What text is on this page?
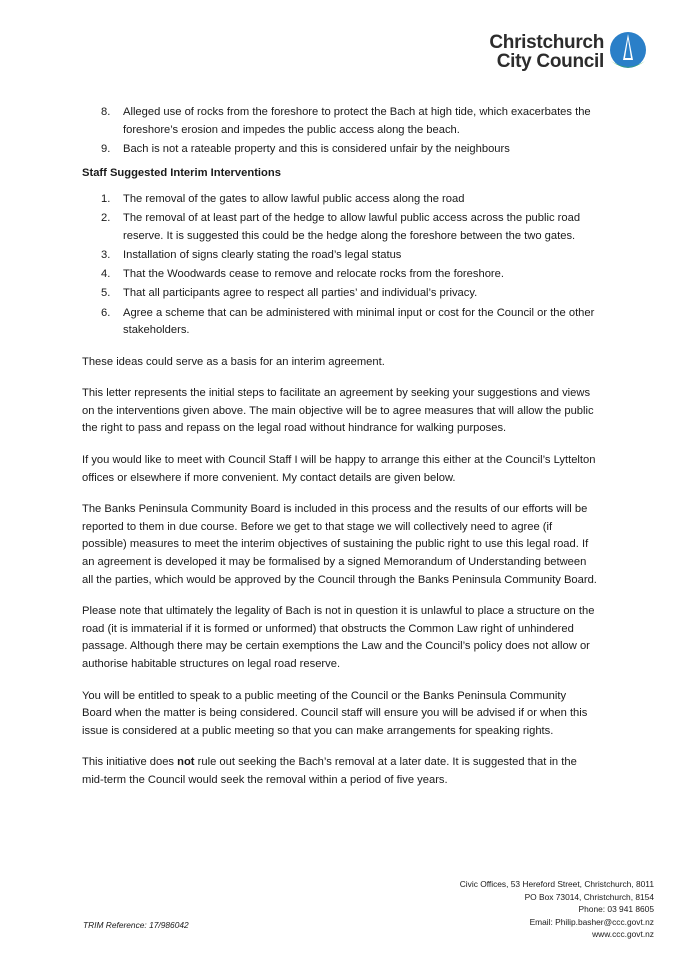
Christchurch
City Council
8. Alleged use of rocks from the foreshore to protect the Bach at high tide, which exacerbates the foreshore’s erosion and impedes the public access along the beach.
9. Bach is not a rateable property and this is considered unfair by the neighbours
Staff Suggested Interim Interventions
1. The removal of the gates to allow lawful public access along the road
2. The removal of at least part of the hedge to allow lawful public access across the public road reserve. It is suggested this could be the hedge along the foreshore between the two gates.
3. Installation of signs clearly stating the road’s legal status
4. That the Woodwards cease to remove and relocate rocks from the foreshore.
5. That all participants agree to respect all parties’ and individual’s privacy.
6. Agree a scheme that can be administered with minimal input or cost for the Council or the other stakeholders.

These ideas could serve as a basis for an interim agreement.

This letter represents the initial steps to facilitate an agreement by seeking your suggestions and views on the interventions given above. The main objective will be to agree measures that will allow the public the right to pass and repass on the legal road without hindrance for walking purposes.

If you would like to meet with Council Staff I will be happy to arrange this either at the Council’s Lyttelton offices or elsewhere if more convenient. My contact details are given below.

The Banks Peninsula Community Board is included in this process and the results of our efforts will be reported to them in due course. Before we get to that stage we will collectively need to agree (if possible) measures to meet the interim objectives of sustaining the public right to use this legal road. If an agreement is developed it may be formalised by a signed Memorandum of Understanding between all the parties, which would be approved by the Council through the Banks Peninsula Community Board.

Please note that ultimately the legality of Bach is not in question it is unlawful to place a structure on the road (it is immaterial if it is formed or unformed) that obstructs the Common Law right of unhindered passage. Although there may be certain exemptions the Law and the Council’s policy does not allow or authorise habitable structures on legal road reserve.

You will be entitled to speak to a public meeting of the Council or the Banks Peninsula Community Board when the matter is being considered. Council staff will ensure you will be advised if or when this issue is considered at a public meeting so that you can make arrangements for speaking rights.

This initiative does not rule out seeking the Bach’s removal at a later date. It is suggested that in the mid-term the Council would seek the removal within a period of five years.

Civic Offices, 53 Hereford Street, Christchurch, 8011
PO Box 73014, Christchurch, 8154
Phone: 03 941 8605
Email: Philip.basher@ccc.govt.nz
www.ccc.govt.nz
TRIM Reference: 17/986042
